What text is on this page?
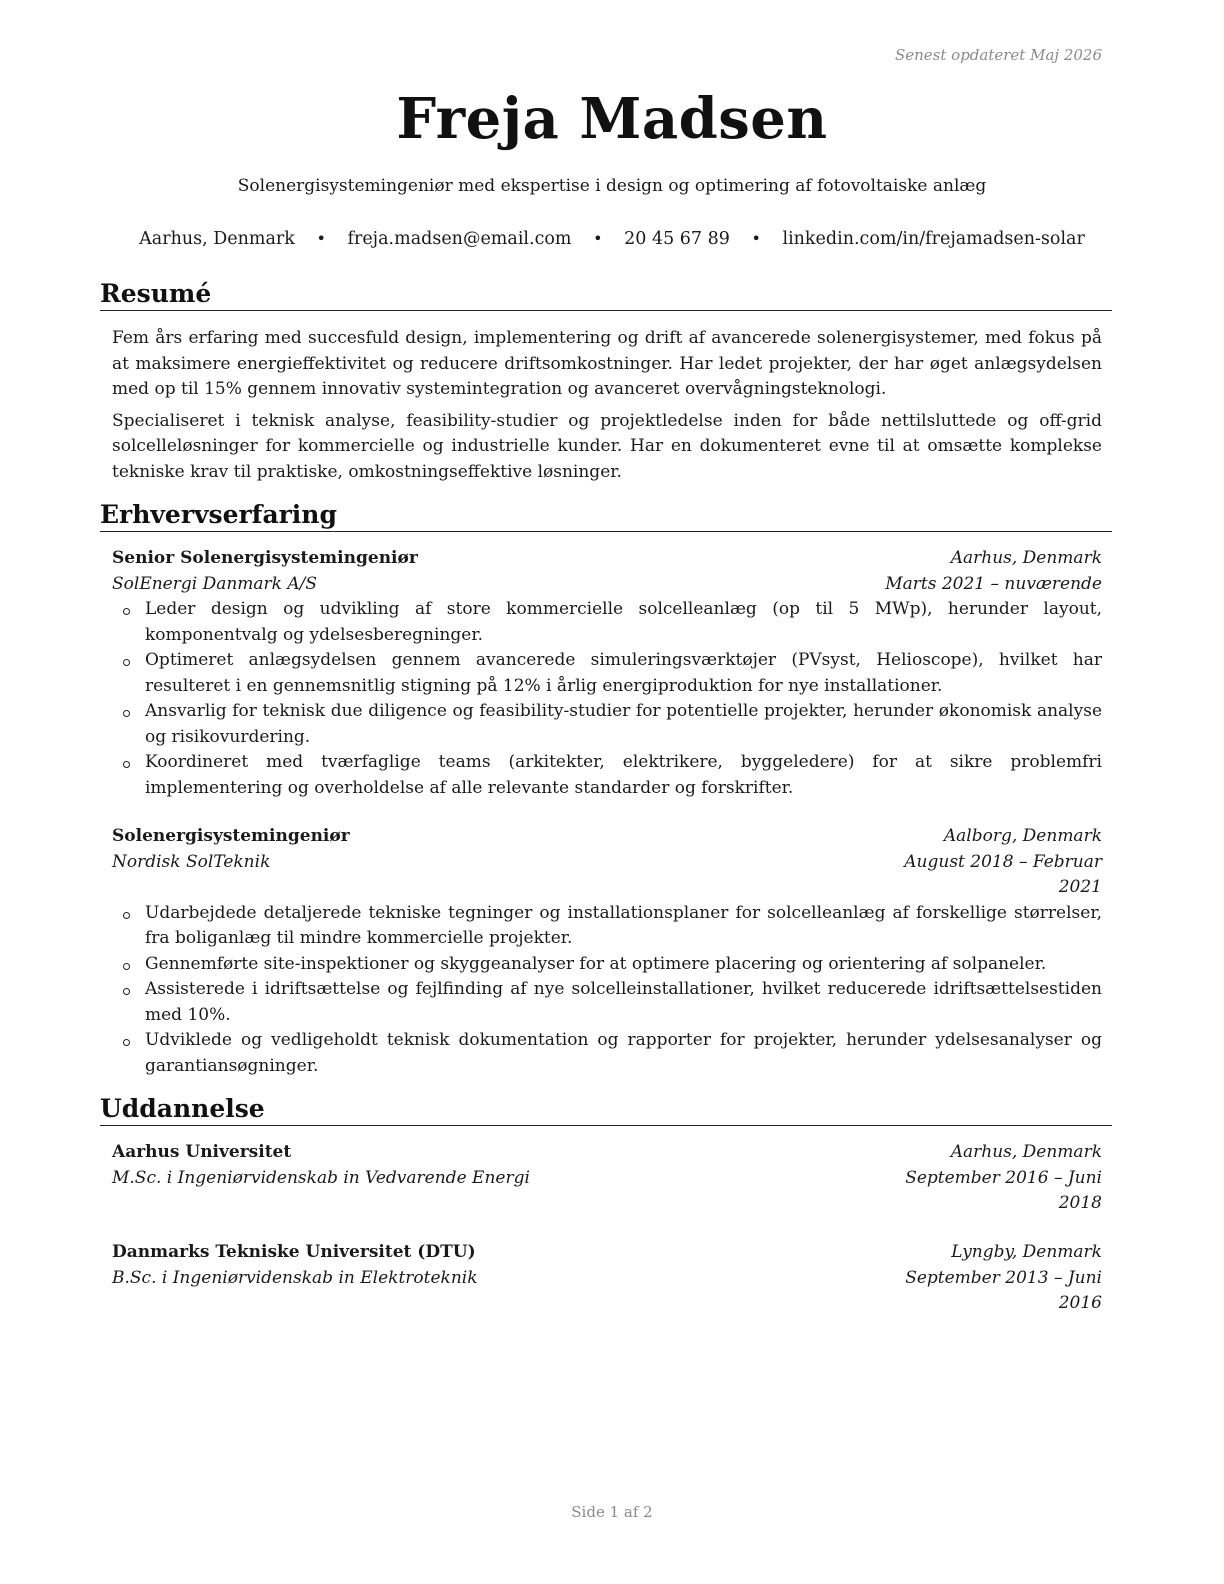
Senest opdateret Maj 2026
Freja Madsen
Solenergisystemingeniør med ekspertise i design og optimering af fotovoltaiske anlæg
Aarhus, Denmark • freja.madsen@email.com • 20 45 67 89 • linkedin.com/in/frejamadsen-solar
Resumé

Fem års erfaring med succesfuld design, implementering og drift af avancerede solenergisystemer, med fokus på at maksimere energieffektivitet og reducere driftsomkostninger. Har ledet projekter, der har øget anlægsydelsen med op til 15% gennem innovativ systemintegration og avanceret overvågningsteknologi.

Specialiseret i teknisk analyse, feasibility-studier og projektledelse inden for både nettilsluttede og off-grid solcelleløsninger for kommercielle og industrielle kunder. Har en dokumenteret evne til at omsætte komplekse tekniske krav til praktiske, omkostningseffektive løsninger.

Erhvervserfaring
Senior Solenergisystemingeniør	Aarhus, Denmark
SolEnergi Danmark A/S	Marts 2021 – nuværende
Leder design og udvikling af store kommercielle solcelleanlæg (op til 5 MWp), herunder layout, komponentvalg og ydelsesberegninger.
Optimeret anlægsydelsen gennem avancerede simuleringsværktøjer (PVsyst, Helioscope), hvilket har resulteret i en gennemsnitlig stigning på 12% i årlig energiproduktion for nye installationer.
Ansvarlig for teknisk due diligence og feasibility-studier for potentielle projekter, herunder økonomisk analyse og risikovurdering.
Koordineret med tværfaglige teams (arkitekter, elektrikere, byggeledere) for at sikre problemfri implementering og overholdelse af alle relevante standarder og forskrifter.
Solenergisystemingeniør	Aalborg, Denmark
Nordisk SolTeknik	August 2018 – Februar 2021
Udarbejdede detaljerede tekniske tegninger og installationsplaner for solcelleanlæg af forskellige størrelser, fra boliganlæg til mindre kommercielle projekter.
Gennemførte site-inspektioner og skyggeanalyser for at optimere placering og orientering af solpaneler.
Assisterede i idriftsættelse og fejlfinding af nye solcelleinstallationer, hvilket reducerede idriftsættelsestiden med 10%.
Udviklede og vedligeholdt teknisk dokumentation og rapporter for projekter, herunder ydelsesanalyser og garantiansøgninger.
Uddannelse
Aarhus Universitet	Aarhus, Denmark
M.Sc. i Ingeniørvidenskab in Vedvarende Energi	September 2016 – Juni 2018
Danmarks Tekniske Universitet (DTU)	Lyngby, Denmark
B.Sc. i Ingeniørvidenskab in Elektroteknik	September 2013 – Juni 2016
Side 1 af 2
